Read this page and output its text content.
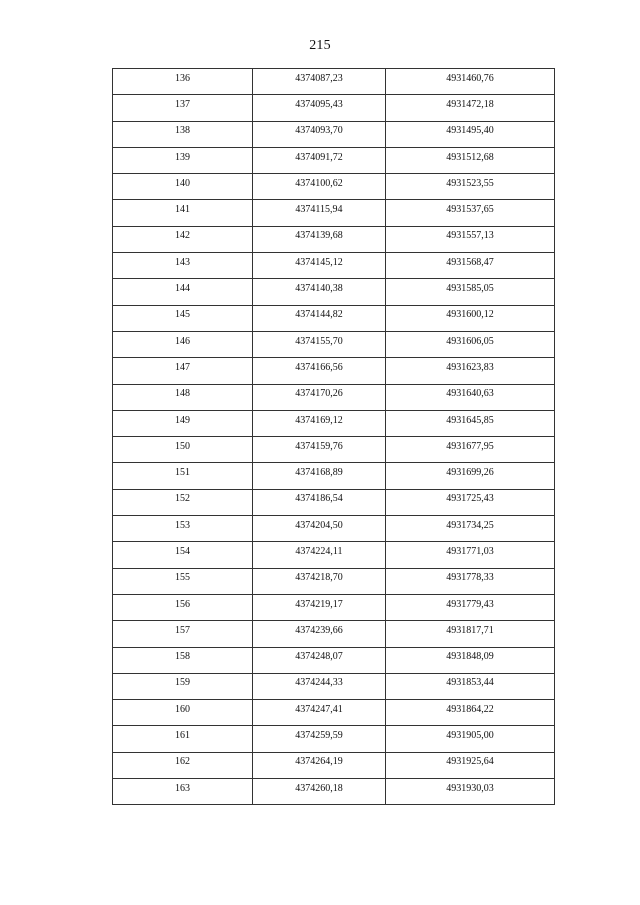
215
136	4374087,23	4931460,76
137	4374095,43	4931472,18
138	4374093,70	4931495,40
139	4374091,72	4931512,68
140	4374100,62	4931523,55
141	4374115,94	4931537,65
142	4374139,68	4931557,13
143	4374145,12	4931568,47
144	4374140,38	4931585,05
145	4374144,82	4931600,12
146	4374155,70	4931606,05
147	4374166,56	4931623,83
148	4374170,26	4931640,63
149	4374169,12	4931645,85
150	4374159,76	4931677,95
151	4374168,89	4931699,26
152	4374186,54	4931725,43
153	4374204,50	4931734,25
154	4374224,11	4931771,03
155	4374218,70	4931778,33
156	4374219,17	4931779,43
157	4374239,66	4931817,71
158	4374248,07	4931848,09
159	4374244,33	4931853,44
160	4374247,41	4931864,22
161	4374259,59	4931905,00
162	4374264,19	4931925,64
163	4374260,18	4931930,03
